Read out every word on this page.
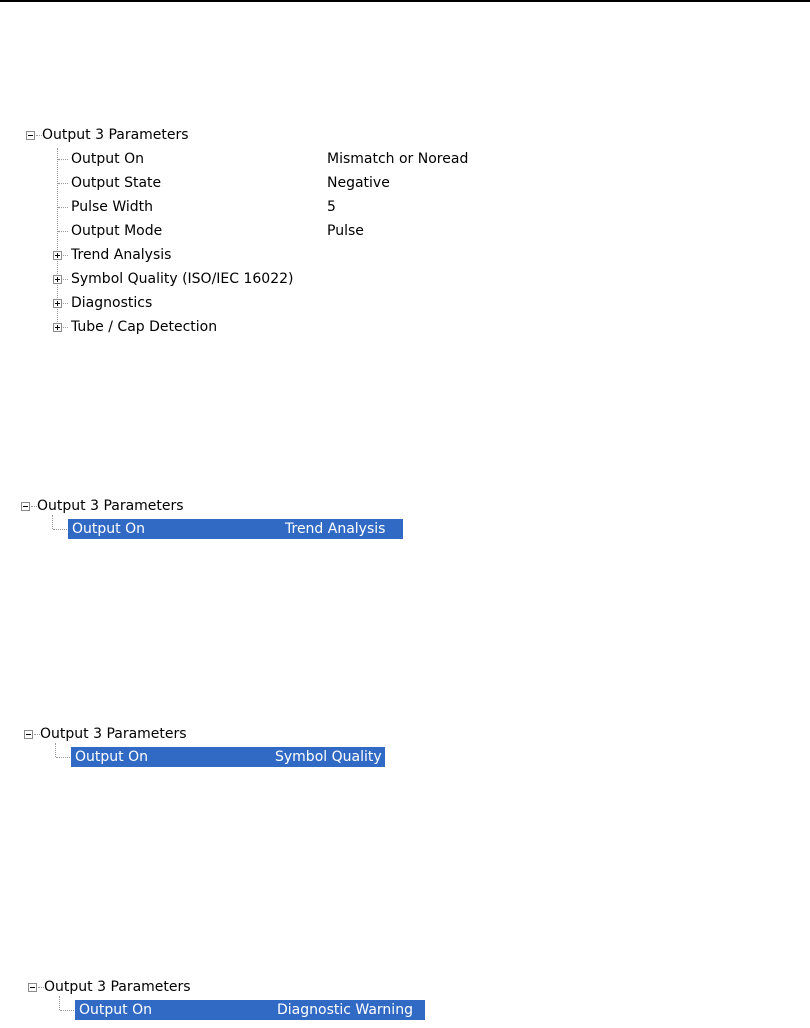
Output 3 Parameters
Output On	Mismatch or Noread
Output State	Negative
Pulse Width	5
Output Mode	Pulse
Trend Analysis
Symbol Quality (ISO/IEC 16022)
Diagnostics
Tube / Cap Detection
Output 3 Parameters
Output On	Trend Analysis
Output 3 Parameters
Output On	Symbol Quality
Output 3 Parameters
Output On	Diagnostic Warning
